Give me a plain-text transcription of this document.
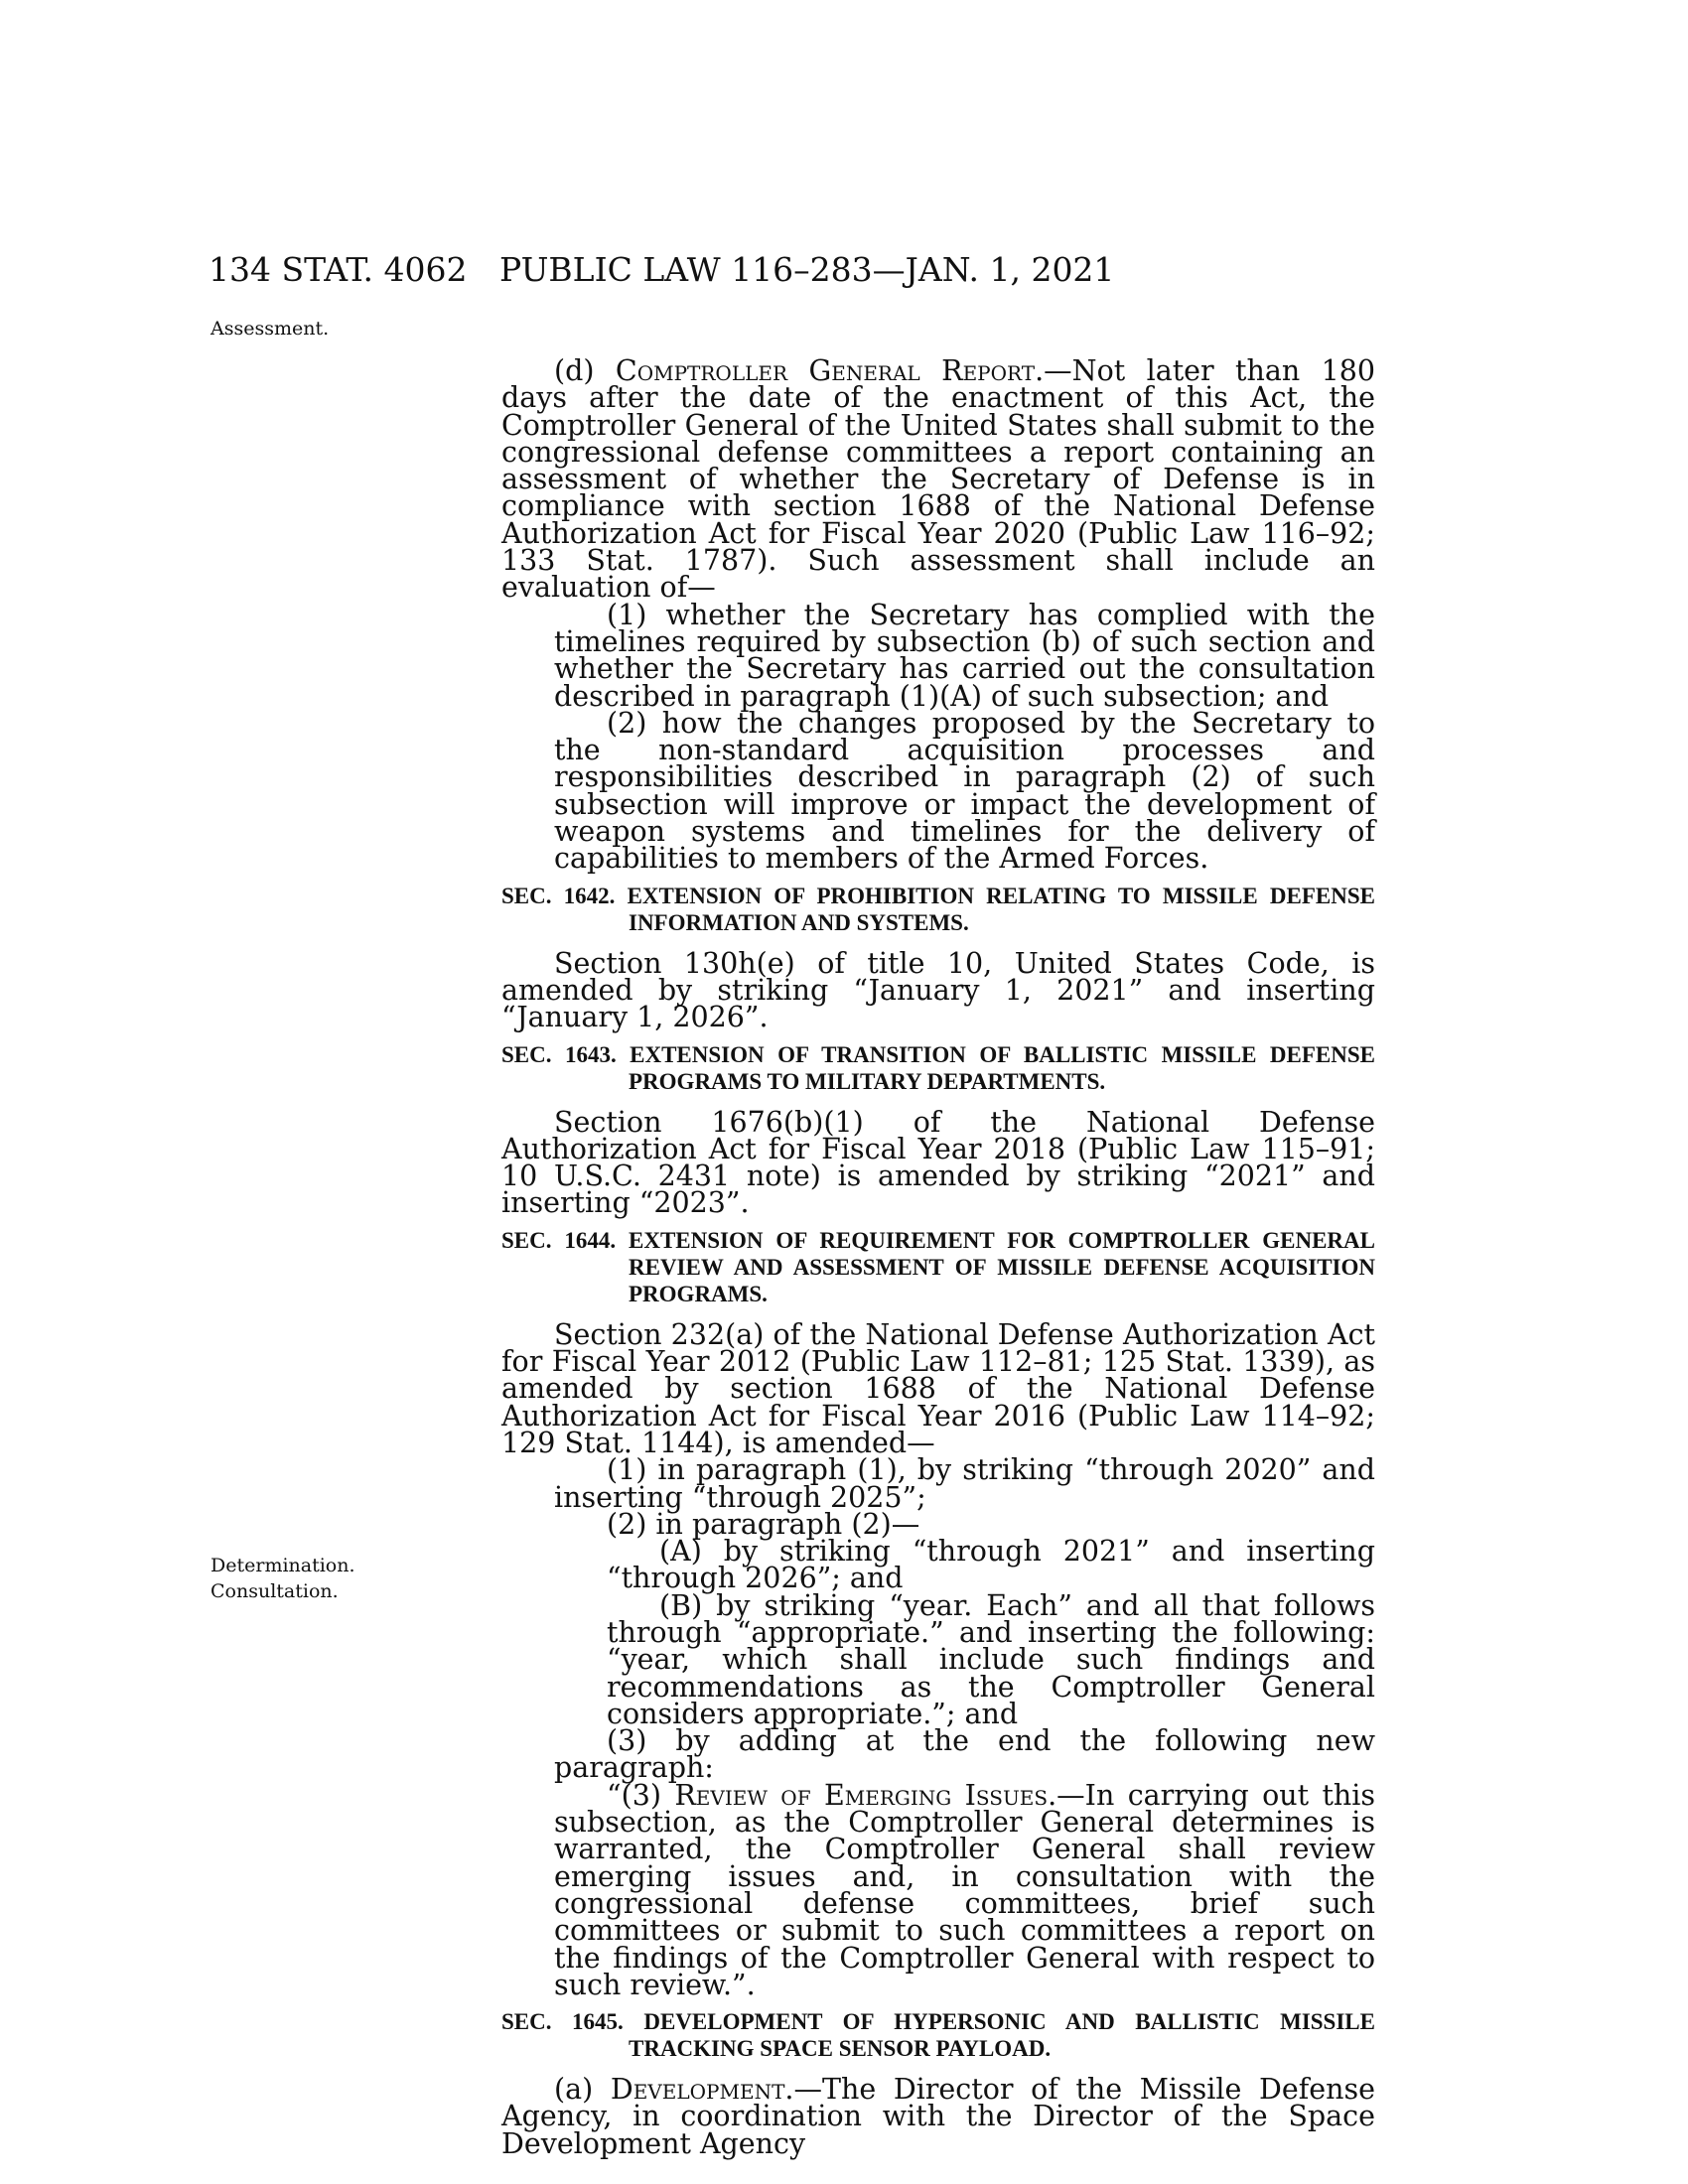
134 STAT. 4062 PUBLIC LAW 116–283—JAN. 1, 2021
Assessment.
Determination.
Consultation.

(d) Comptroller General Report.—Not later than 180 days after the date of the enactment of this Act, the Comptroller General of the United States shall submit to the congressional defense committees a report containing an assessment of whether the Secretary of Defense is in compliance with section 1688 of the National Defense Authorization Act for Fiscal Year 2020 (Public Law 116–92; 133 Stat. 1787). Such assessment shall include an evaluation of—

(1) whether the Secretary has complied with the timelines required by subsection (b) of such section and whether the Secretary has carried out the consultation described in paragraph (1)(A) of such subsection; and

(2) how the changes proposed by the Secretary to the non-standard acquisition processes and responsibilities described in paragraph (2) of such subsection will improve or impact the development of weapon systems and timelines for the delivery of capabilities to members of the Armed Forces.

SEC. 1642. EXTENSION OF PROHIBITION RELATING TO MISSILE DEFENSE INFORMATION AND SYSTEMS.

Section 130h(e) of title 10, United States Code, is amended by striking “January 1, 2021” and inserting “January 1, 2026”.

SEC. 1643. EXTENSION OF TRANSITION OF BALLISTIC MISSILE DEFENSE PROGRAMS TO MILITARY DEPARTMENTS.

Section 1676(b)(1) of the National Defense Authorization Act for Fiscal Year 2018 (Public Law 115–91; 10 U.S.C. 2431 note) is amended by striking “2021” and inserting “2023”.

SEC. 1644. EXTENSION OF REQUIREMENT FOR COMPTROLLER GENERAL REVIEW AND ASSESSMENT OF MISSILE DEFENSE ACQUISITION PROGRAMS.

Section 232(a) of the National Defense Authorization Act for Fiscal Year 2012 (Public Law 112–81; 125 Stat. 1339), as amended by section 1688 of the National Defense Authorization Act for Fiscal Year 2016 (Public Law 114–92; 129 Stat. 1144), is amended—

(1) in paragraph (1), by striking “through 2020” and inserting “through 2025”;

(2) in paragraph (2)—

(A) by striking “through 2021” and inserting “through 2026”; and

(B) by striking “year. Each” and all that follows through “appropriate.” and inserting the following: “year, which shall include such findings and recommendations as the Comptroller General considers appropriate.”; and

(3) by adding at the end the following new paragraph:

“(3) Review of Emerging Issues.—In carrying out this subsection, as the Comptroller General determines is warranted, the Comptroller General shall review emerging issues and, in consultation with the congressional defense committees, brief such committees or submit to such committees a report on the findings of the Comptroller General with respect to such review.”.

SEC. 1645. DEVELOPMENT OF HYPERSONIC AND BALLISTIC MISSILE TRACKING SPACE SENSOR PAYLOAD.

(a) Development.—The Director of the Missile Defense Agency, in coordination with the Director of the Space Development Agency
